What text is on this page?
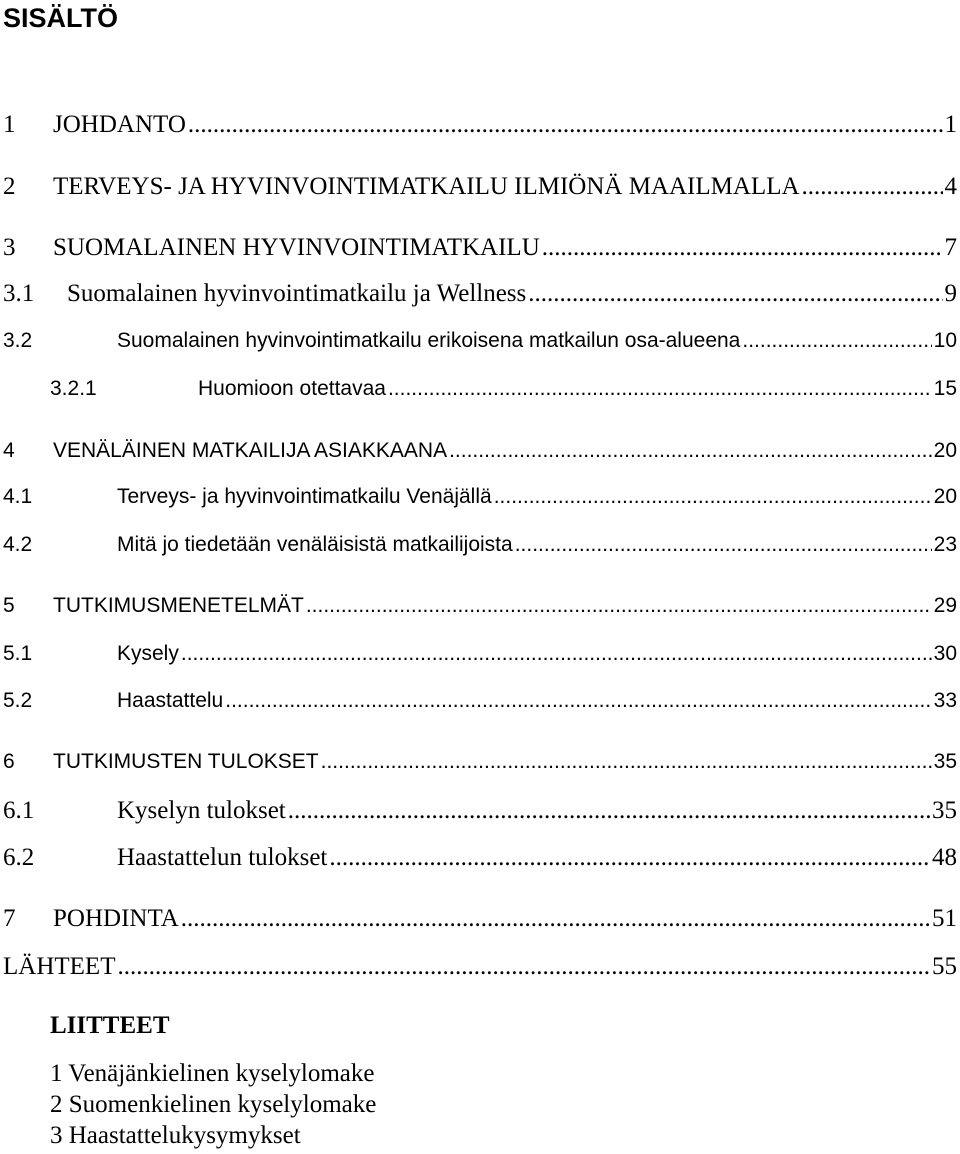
SISÄLTÖ
1	JOHDANTO .....	1
2	TERVEYS- JA HYVINVOINTIMATKAILU ILMIÖNÄ MAAILMALLA .....	4
3	SUOMALAINEN HYVINVOINTIMATKAILU .....	7
3.1	Suomalainen hyvinvointimatkailu ja Wellness .....	9
3.2	Suomalainen hyvinvointimatkailu erikoisena matkailun osa-alueena .....	10
3.2.1	Huomioon otettavaa .....	15
4	VENÄLÄINEN MATKAILIJA ASIAKKAANA .....	20
4.1	Terveys- ja hyvinvointimatkailu Venäjällä .....	20
4.2	Mitä jo tiedetään venäläisistä matkailijoista .....	23
5	TUTKIMUSMENETELMÄT .....	29
5.1	Kysely .....	30
5.2	Haastattelu .....	33
6	TUTKIMUSTEN TULOKSET .....	35
6.1	Kyselyn tulokset .....	35
6.2	Haastattelun tulokset .....	48
7	POHDINTA .....	51
LÄHTEET .....	55
LIITTEET
1 Venäjänkielinen kyselylomake
2 Suomenkielinen kyselylomake
3 Haastattelukysymykset
